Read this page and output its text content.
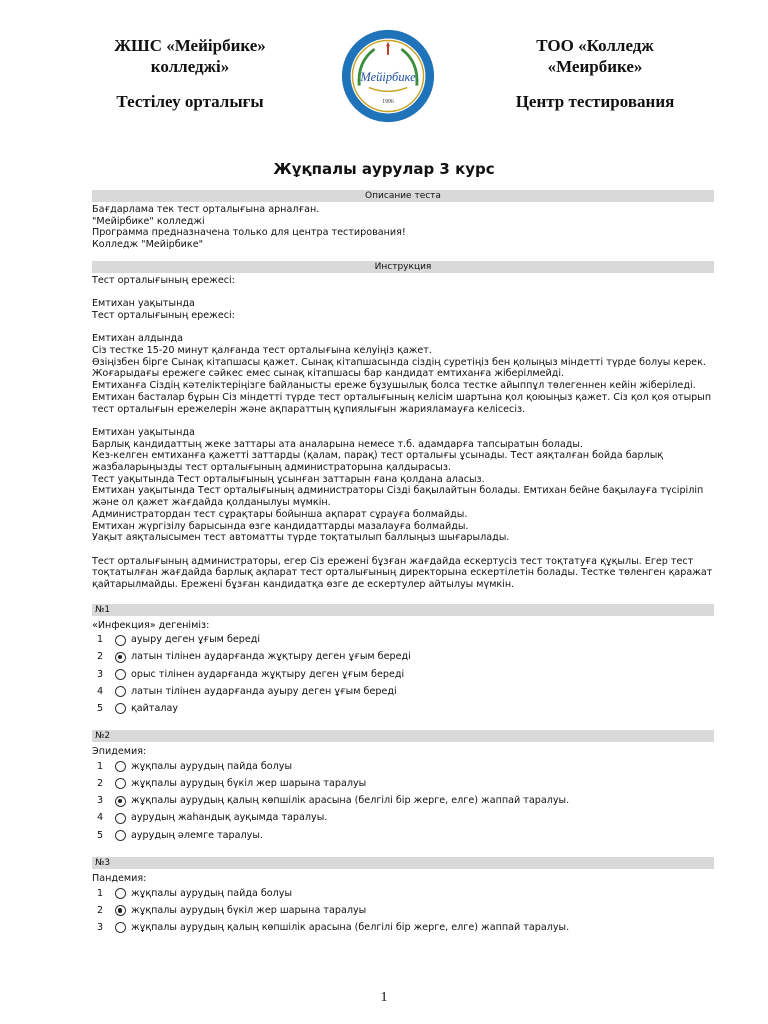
ЖШС «Мейірбике»
колледжі»
Тестілеу орталығы
Мейірбике
1996
ТОО «Колледж
«Меирбике»
Центр тестирования
Жұқпалы аурулар 3 курс
Описание теста
Бағдарлама тек тест орталығына арналған.
"Мейірбике" колледжі
Программа предназначена только для центра тестирования!
Колледж "Мейірбике"
Инструкция
Тест орталығының ережесі:

Емтихан уақытында
Тест орталығының ережесі:

Емтихан алдында
Сіз тестке 15-20 минут қалғанда тест орталығына келуіңіз қажет.
Өзіңізбен бірге Сынақ кітапшасы қажет. Сынақ кітапшасында сіздің суретіңіз бен қолыңыз міндетті түрде болуы керек. Жоғарыдағы ережеге сәйкес емес сынақ кітапшасы бар кандидат емтиханға жіберілмейді.
Емтиханға Сіздің кәтеліктеріңізге байланысты ереже бұзушылық болса тестке айыппұл төлегеннен кейін жіберіледі.
Емтихан басталар бұрын Сіз міндетті түрде тест орталығының келісім шартына қол қоюыңыз қажет. Сіз қол қоя отырып тест орталығын ережелерін және ақпараттың құпиялығын жарияламауға келісесіз.

Емтихан уақытында
Барлық кандидаттың жеке заттары ата аналарына немесе т.б. адамдарға тапсыратын болады.
Кез-келген емтиханға қажетті заттарды (қалам, парақ) тест орталығы ұсынады. Тест аяқталған бойда барлық жазбаларыңызды тест орталығының администраторына қалдырасыз.
Тест уақытында Тест орталығының ұсынған заттарын ғана қолдана аласыз.
Емтихан уақытында Тест орталығының администраторы Сізді бақылайтын болады. Емтихан бейне бақылауға түсіріліп және ол қажет жағдайда қолданылуы мүмкін.
Администратордан тест сұрақтары бойынша ақпарат сұрауға болмайды.
Емтихан жүргізілу барысында өзге кандидаттарды мазалауға болмайды.
Уақыт аяқталысымен тест автоматты түрде тоқтатылып баллыңыз шығарылады.

Тест орталығының администраторы, егер Сіз ережені бұзған жағдайда ескертусіз тест тоқтатуға құқылы. Егер тест тоқтатылған жағдайда барлық ақпарат тест орталығының директорына ескертілетін болады. Тестке төленген қаражат қайтарылмайды. Ережені бұзған кандидатқа өзге де ескертулер айтылуы мүмкін.
№1
«Инфекция» дегеніміз:
1	ауыру деген ұғым береді
2	латын тілінен аударғанда жұқтыру деген ұғым береді
3	орыс тілінен аударғанда жұқтыру деген ұғым береді
4	латын тілінен аударғанда ауыру деген ұғым береді
5	қайталау
№2
Эпидемия:
1	жұқпалы аурудың пайда болуы
2	жұқпалы аурудың бүкіл жер шарына таралуы
3	жұқпалы аурудың қалың көпшілік арасына (белгілі бір жерге, елге) жаппай таралуы.
4	аурудың жаһандық ауқымда таралуы.
5	аурудың әлемге таралуы.
№3
Пандемия:
1	жұқпалы аурудың пайда болуы
2	жұқпалы аурудың бүкіл жер шарына таралуы
3	жұқпалы аурудың қалың көпшілік арасына (белгілі бір жерге, елге) жаппай таралуы.
1
